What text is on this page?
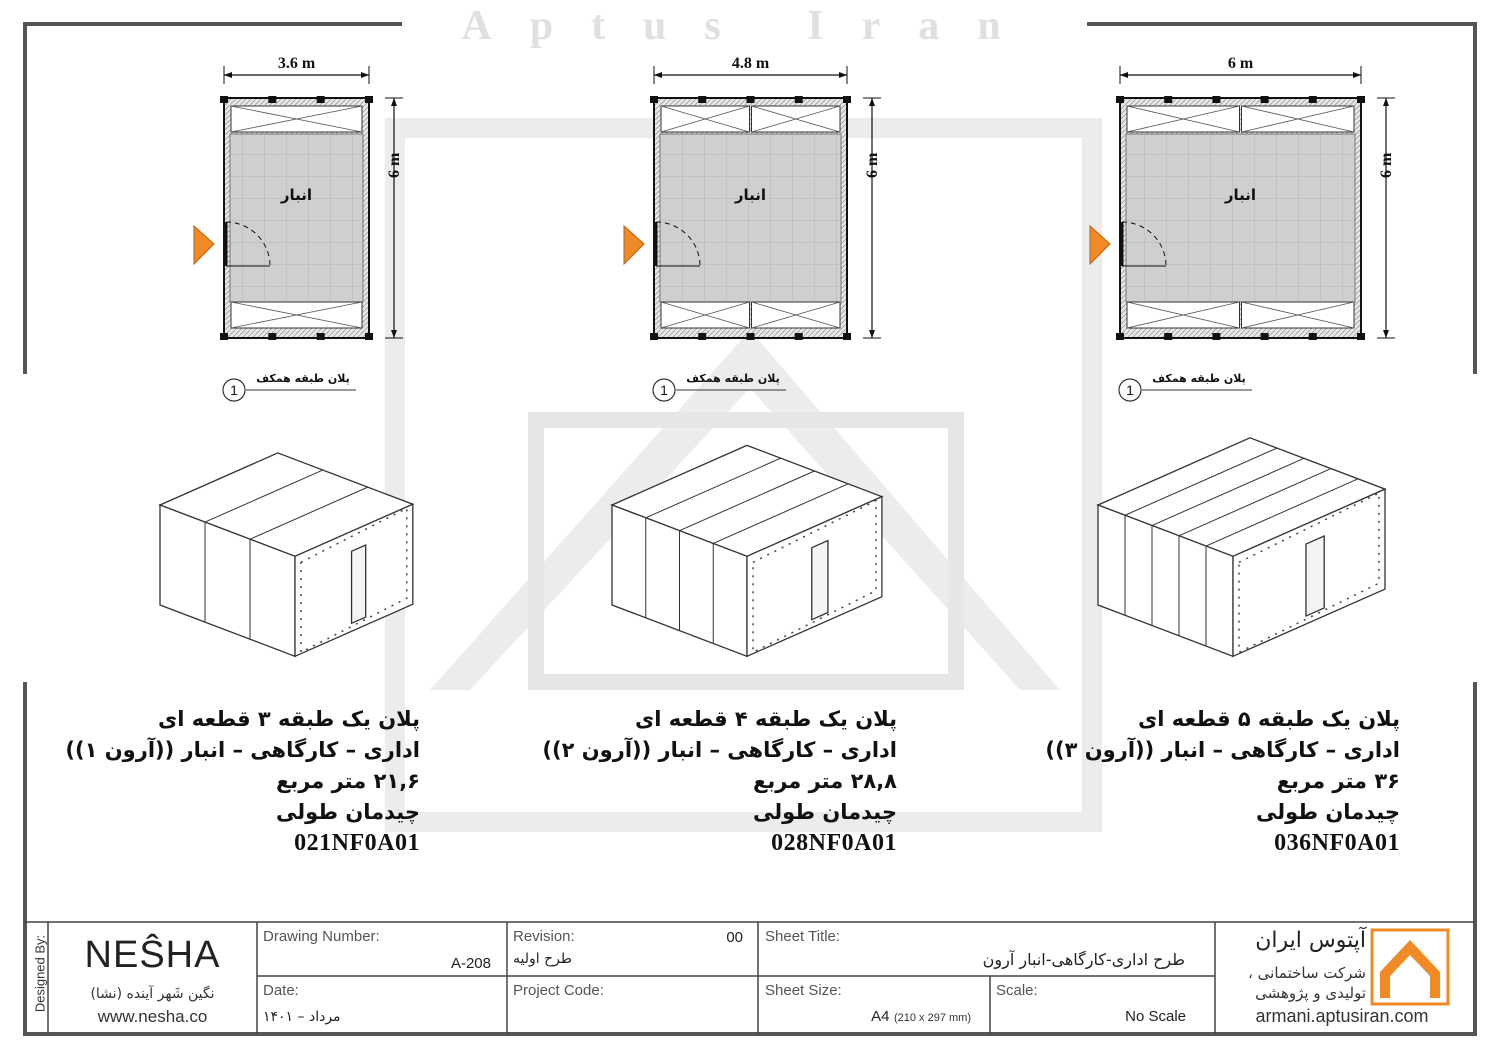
Aptus Iran
3.6 m
6 m
انبار
1
پلان طبقه همکف
4.8 m
6 m
انبار
1
پلان طبقه همکف
6 m
6 m
انبار
1
پلان طبقه همکف
پلان یک طبقه ۳ قطعه ای
اداری – کارگاهی – انبار ((آرون ۱))
۲۱,۶ متر مربع
چیدمان طولی
021NF0A01
پلان یک طبقه ۴ قطعه ای
اداری – کارگاهی – انبار ((آرون ۲))
۲۸,۸ متر مربع
چیدمان طولی
028NF0A01
پلان یک طبقه ۵ قطعه ای
اداری – کارگاهی – انبار ((آرون ۳))
۳۶ متر مربع
چیدمان طولی
036NF0A01
Designed By: NEŜHA
نگین شَهر آینده (نشا)
www.nesha.co
Drawing Number:
A-208
Revision:	00
طرح اولیه
Sheet Title:
طرح اداری-کارگاهی-انبار آرون
Date:
مرداد – ۱۴۰۱
Project Code:	Sheet Size:
A4 (210 x 297 mm)
Scale:
No Scale
آپتوس ایران
شرکت ساختمانی ،
تولیدی و پژوهشی
armani.aptusiran.com
